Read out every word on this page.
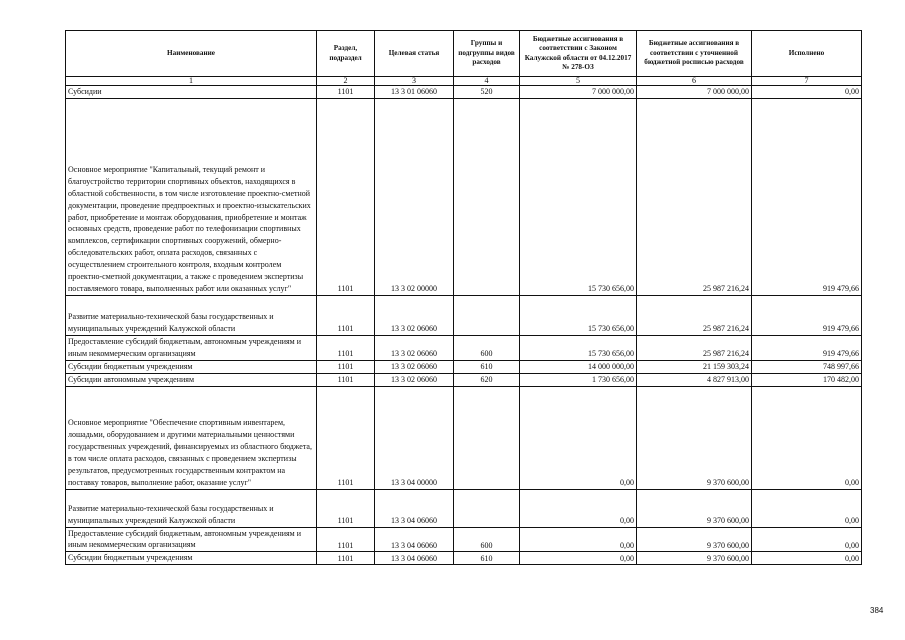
Наименование	Раздел, подраздел	Целевая статья	Группы и подгруппы видов расходов	Бюджетные ассигнования в соответствии с Законом Калужской области от 04.12.2017 № 278-ОЗ	Бюджетные ассигнования в соответствии с уточненной бюджетной росписью расходов	Исполнено
1	2	3	4	5	6	7
Субсидии	1101	13 3 01 06060	520	7 000 000,00	7 000 000,00	0,00
Основное мероприятие "Капитальный, текущий ремонт и благоустройство территории спортивных объектов, находящихся в областной собственности, в том числе изготовление проектно-сметной документации, проведение предпроектных и проектно-изыскательских работ, приобретение и монтаж оборудования, приобретение и монтаж основных средств, проведение работ по телефонизации спортивных комплексов, сертификации спортивных сооружений, обмерно-обследовательских работ, оплата расходов, связанных с осуществлением строительного контроля, входным контролем проектно-сметной документации, а также с проведением экспертизы поставляемого товара, выполненных работ или оказанных услуг"	1101	13 3 02 00000		15 730 656,00	25 987 216,24	919 479,66
Развитие материально-технической базы государственных и муниципальных учреждений Калужской области	1101	13 3 02 06060		15 730 656,00	25 987 216,24	919 479,66
Предоставление субсидий бюджетным, автономным учреждениям и иным некоммерческим организациям	1101	13 3 02 06060	600	15 730 656,00	25 987 216,24	919 479,66
Субсидии бюджетным учреждениям	1101	13 3 02 06060	610	14 000 000,00	21 159 303,24	748 997,66
Субсидии автономным учреждениям	1101	13 3 02 06060	620	1 730 656,00	4 827 913,00	170 482,00
Основное мероприятие "Обеспечение спортивным инвентарем, лошадьми, оборудованием и другими материальными ценностями государственных учреждений, финансируемых из областного бюджета, в том числе оплата расходов, связанных с проведением экспертизы результатов, предусмотренных государственным контрактом на поставку товаров, выполнение работ, оказание услуг"	1101	13 3 04 00000		0,00	9 370 600,00	0,00
Развитие материально-технической базы государственных и муниципальных учреждений Калужской области	1101	13 3 04 06060		0,00	9 370 600,00	0,00
Предоставление субсидий бюджетным, автономным учреждениям и иным некоммерческим организациям	1101	13 3 04 06060	600	0,00	9 370 600,00	0,00
Субсидии бюджетным учреждениям	1101	13 3 04 06060	610	0,00	9 370 600,00	0,00
384
